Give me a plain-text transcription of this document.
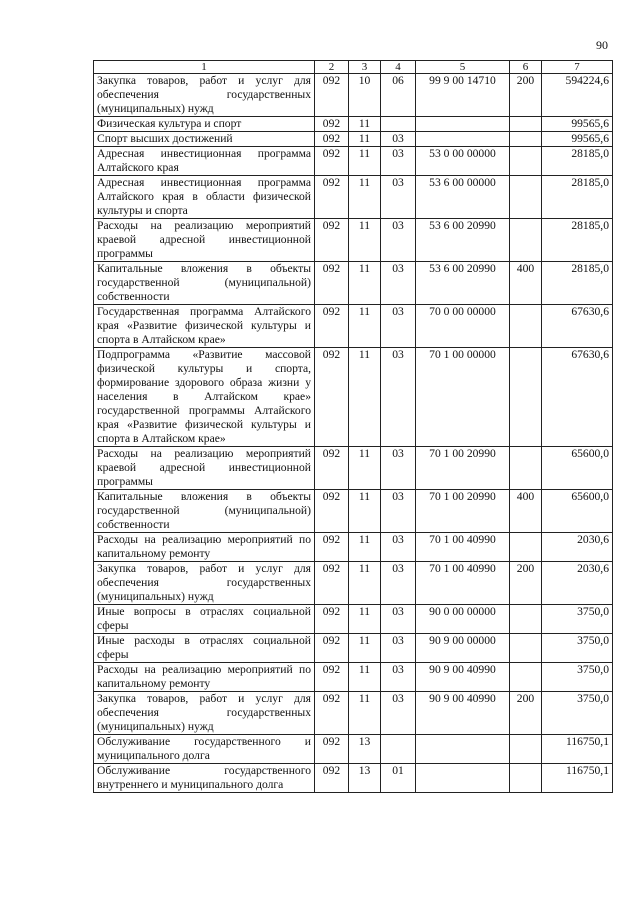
90
1	2	3	4	5	6	7
Закупка товаров, работ и услуг для обеспечения государственных (муниципальных) нужд	092	10	06	99 9 00 14710	200	594224,6
Физическая культура и спорт	092	11				99565,6
Спорт высших достижений	092	11	03			99565,6
Адресная инвестиционная программа Алтайского края	092	11	03	53 0 00 00000		28185,0
Адресная инвестиционная программа Алтайского края в области физической культуры и спорта	092	11	03	53 6 00 00000		28185,0
Расходы на реализацию мероприятий краевой адресной инвестиционной программы	092	11	03	53 6 00 20990		28185,0
Капитальные вложения в объекты государственной (муниципальной) собственности	092	11	03	53 6 00 20990	400	28185,0
Государственная программа Алтайского края «Развитие физической культуры и спорта в Алтайском крае»	092	11	03	70 0 00 00000		67630,6
Подпрограмма «Развитие массовой физической культуры и спорта, формирование здорового образа жизни у населения в Алтайском крае» государственной программы Алтайского края «Развитие физической культуры и спорта в Алтайском крае»	092	11	03	70 1 00 00000		67630,6
Расходы на реализацию мероприятий краевой адресной инвестиционной программы	092	11	03	70 1 00 20990		65600,0
Капитальные вложения в объекты государственной (муниципальной) собственности	092	11	03	70 1 00 20990	400	65600,0
Расходы на реализацию мероприятий по капитальному ремонту	092	11	03	70 1 00 40990		2030,6
Закупка товаров, работ и услуг для обеспечения государственных (муниципальных) нужд	092	11	03	70 1 00 40990	200	2030,6
Иные вопросы в отраслях социальной сферы	092	11	03	90 0 00 00000		3750,0
Иные расходы в отраслях социальной сферы	092	11	03	90 9 00 00000		3750,0
Расходы на реализацию мероприятий по капитальному ремонту	092	11	03	90 9 00 40990		3750,0
Закупка товаров, работ и услуг для обеспечения государственных (муниципальных) нужд	092	11	03	90 9 00 40990	200	3750,0
Обслуживание государственного и муниципального долга	092	13				116750,1
Обслуживание государственного внутреннего и муниципального долга	092	13	01			116750,1
